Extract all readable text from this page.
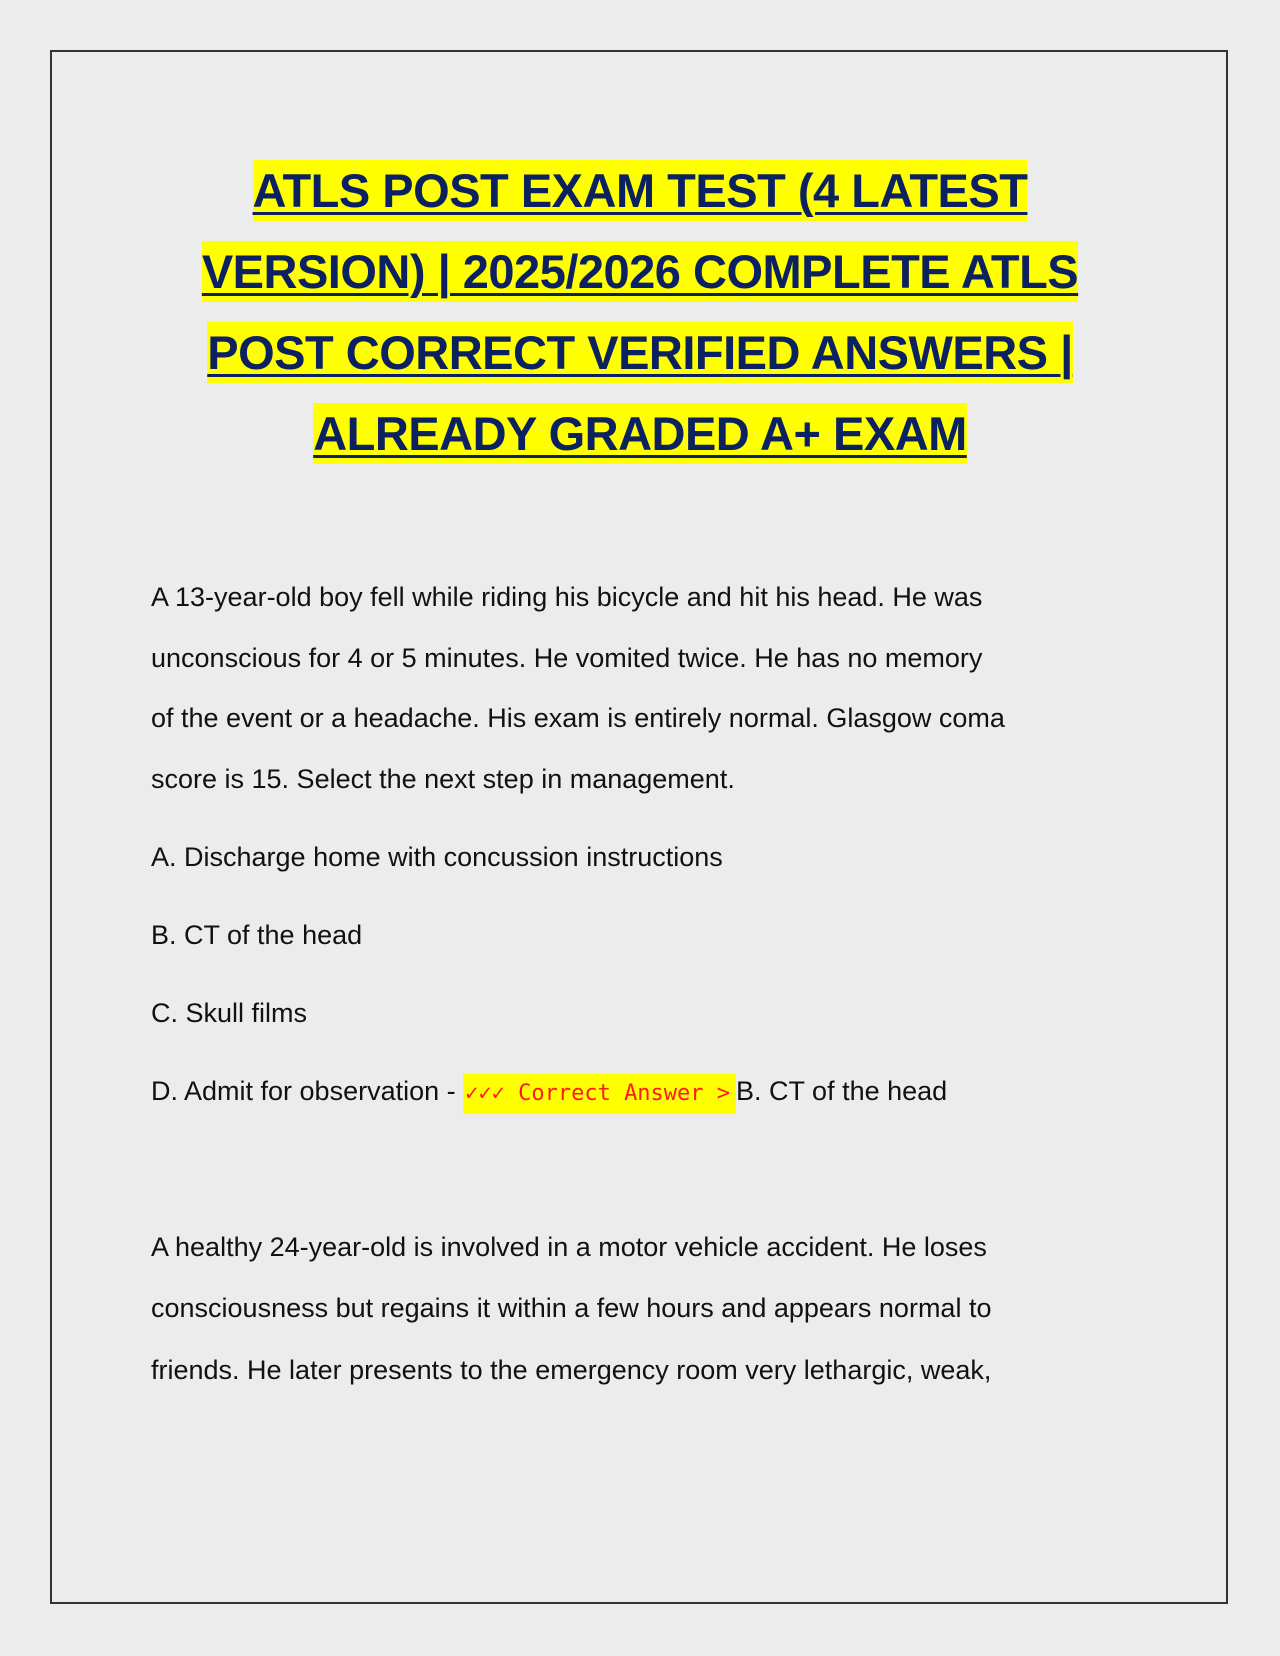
ATLS POST EXAM TEST (4 LATEST
VERSION) | 2025/2026 COMPLETE ATLS
POST CORRECT VERIFIED ANSWERS |
ALREADY GRADED A+ EXAM
A 13-year-old boy fell while riding his bicycle and hit his head. He was
unconscious for 4 or 5 minutes. He vomited twice. He has no memory
of the event or a headache. His exam is entirely normal. Glasgow coma
score is 15. Select the next step in management.
A. Discharge home with concussion instructions
B. CT of the head
C. Skull films
D. Admit for observation - ✓✓✓ Correct Answer > B. CT of the head
A healthy 24-year-old is involved in a motor vehicle accident. He loses
consciousness but regains it within a few hours and appears normal to
friends. He later presents to the emergency room very lethargic, weak,
